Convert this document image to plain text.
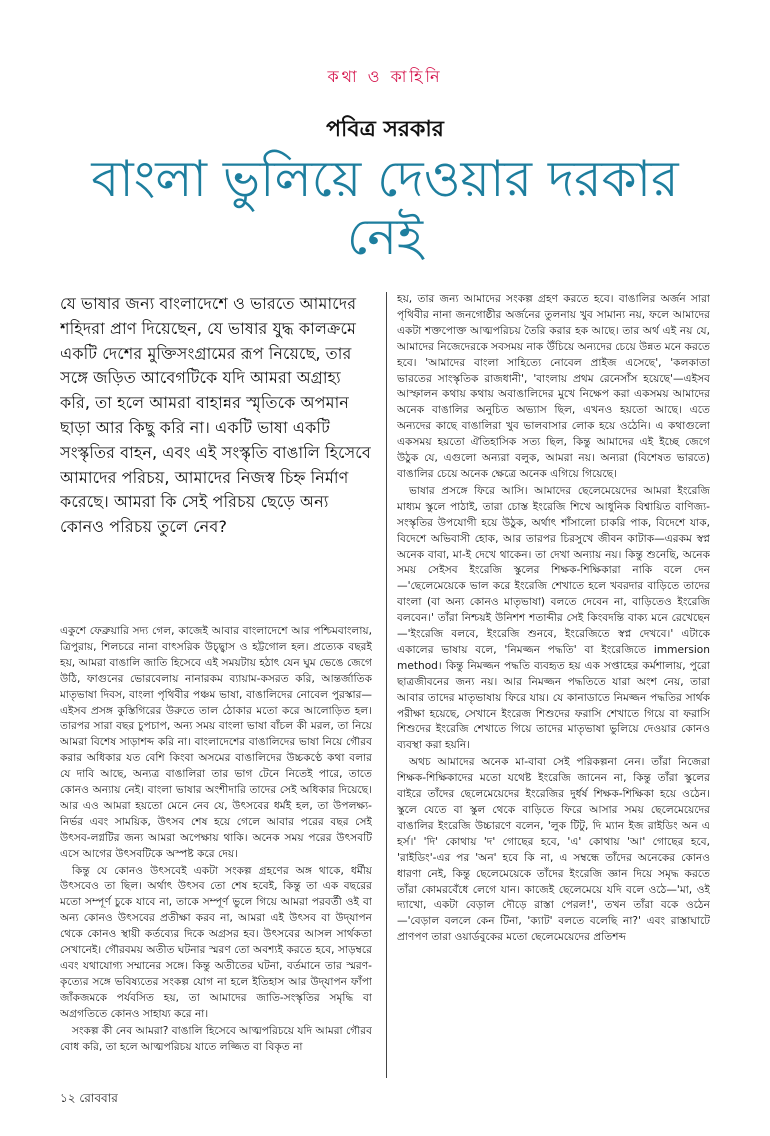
কথা ও কাহিনি
পবিত্র সরকার
বাংলা ভুলিয়ে দেওয়ার দরকার নেই

যে ভাষার জন্য বাংলাদেশে ও ভারতে আমাদের শহিদরা প্রাণ দিয়েছেন, যে ভাষার যুদ্ধ কালক্রমে একটি দেশের মুক্তিসংগ্রামের রূপ নিয়েছে, তার সঙ্গে জড়িত আবেগটিকে যদি আমরা অগ্রাহ্য করি, তা হলে আমরা বাহান্নর স্মৃতিকে অপমান ছাড়া আর কিছু করি না। একটি ভাষা একটি সংস্কৃতির বাহন, এবং এই সংস্কৃতি বাঙালি হিসেবে আমাদের পরিচয়, আমাদের নিজস্ব চিহ্ন নির্মাণ করেছে। আমরা কি সেই পরিচয় ছেড়ে অন্য কোনও পরিচয় তুলে নেব?

একুশে ফেব্রুয়ারি সদ্য গেল, কাজেই আবার বাংলাদেশে আর পশ্চিমবাংলায়, ত্রিপুরায়, শিলচরে নানা বাৎসরিক উচ্ছ্বাস ও হট্টগোল হল। প্রত্যেক বছরই হয়, আমরা বাঙালি জাতি হিসেবে এই সময়টায় হঠাৎ যেন ঘুম ভেঙে জেগে উঠি, ফাগুনের ভোরবেলায় নানারকম ব্যায়াম-কসরত করি, আন্তর্জাতিক মাতৃভাষা দিবস, বাংলা পৃথিবীর পঞ্চম ভাষা, বাঙালিদের নোবেল পুরস্কার—এইসব প্রসঙ্গ কুস্তিগিরের উরুতে তাল ঠোকার মতো করে আলোড়িত হল। তারপর সারা বছর চুপচাপ, অন্য সময় বাংলা ভাষা বাঁচল কী মরল, তা নিয়ে আমরা বিশেষ সাড়াশব্দ করি না। বাংলাদেশের বাঙালিদের ভাষা নিয়ে গৌরব করার অধিকার যত বেশি কিংবা অসমের বাঙালিদের উচ্চকণ্ঠে কথা বলার যে দাবি আছে, অন্যত্র বাঙালিরা তার ভাগ টেনে নিতেই পারে, তাতে কোনও অন্যায় নেই। বাংলা ভাষার অংশীদারি তাদের সেই অধিকার দিয়েছে। আর এও আমরা হয়তো মেনে নেব যে, উৎসবের ধর্মই হল, তা উপলক্ষ্য-নির্ভর এবং সাময়িক, উৎসব শেষ হয়ে গেলে আবার পরের বছর সেই উৎসব-লগ্নটির জন্য আমরা অপেক্ষায় থাকি। অনেক সময় পরের উৎসবটি এসে আগের উৎসবটিকে অস্পষ্ট করে দেয়।

কিন্তু যে কোনও উৎসবেই একটা সংকল্প গ্রহণের অঙ্গ থাকে, ধর্মীয় উৎসবেও তা ছিল। অর্থাৎ উৎসব তো শেষ হবেই, কিন্তু তা এক বছরের মতো সম্পূর্ণ চুকে যাবে না, তাকে সম্পূর্ণ ভুলে গিয়ে আমরা পরবর্তী ওই বা অন্য কোনও উৎসবের প্রতীক্ষা করব না, আমরা এই উৎসব বা উদ্‌যাপন থেকে কোনও স্থায়ী কর্তব্যের দিকে অগ্রসর হব। উৎসবের আসল সার্থকতা সেখানেই। গৌরবময় অতীত ঘটনার স্মরণ তো অবশ্যই করতে হবে, সাড়ম্বরে এবং যথাযোগ্য সম্মানের সঙ্গে। কিন্তু অতীতের ঘটনা, বর্তমানে তার স্মরণ-কৃত্যের সঙ্গে ভবিষ্যতের সংকল্প যোগ না হলে ইতিহাস আর উদ্‌যাপন ফাঁপা জাঁকজমকে পর্যবসিত হয়, তা আমাদের জাতি-সংস্কৃতির সমৃদ্ধি বা অগ্রগতিতে কোনও সাহায্য করে না।

সংকল্প কী নেব আমরা? বাঙালি হিসেবে আত্মপরিচয়ে যদি আমরা গৌরব বোধ করি, তা হলে আত্মপরিচয় যাতে লজ্জিত বা বিকৃত না

হয়, তার জন্য আমাদের সংকল্প গ্রহণ করতে হবে। বাঙালির অর্জন সারা পৃথিবীর নানা জনগোষ্ঠীর অর্জনের তুলনায় খুব সামান্য নয়, ফলে আমাদের একটা শক্তপোক্ত আত্মপরিচয় তৈরি করার হক আছে। তার অর্থ এই নয় যে, আমাদের নিজেদেরকে সবসময় নাক উঁচিয়ে অন্যদের চেয়ে উন্নত মনে করতে হবে। 'আমাদের বাংলা সাহিত্যে নোবেল প্রাইজ এসেছে', 'কলকাতা ভারতের সাংস্কৃতিক রাজধানী', 'বাংলায় প্রথম রেনেসাঁস হয়েছে'—এইসব আস্ফালন কথায় কথায় অবাঙালিদের মুখে নিক্ষেপ করা একসময় আমাদের অনেক বাঙালির অনুচিত অভ্যাস ছিল, এখনও হয়তো আছে। এতে অন্যদের কাছে বাঙালিরা খুব ভালবাসার লোক হয়ে ওঠেনি। এ কথাগুলো একসময় হয়তো ঐতিহাসিক সত্য ছিল, কিন্তু আমাদের এই ইচ্ছে জেগে উঠুক যে, এগুলো অন্যরা বলুক, আমরা নয়। অন্যরা (বিশেষত ভারতে) বাঙালির চেয়ে অনেক ক্ষেত্রে অনেক এগিয়ে গিয়েছে।

ভাষার প্রসঙ্গে ফিরে আসি। আমাদের ছেলেমেয়েদের আমরা ইংরেজি মাধ্যম স্কুলে পাঠাই, তারা চোস্ত ইংরেজি শিখে আধুনিক বিশ্বায়িত বাণিজ্য-সংস্কৃতির উপযোগী হয়ে উঠুক, অর্থাৎ শাঁসালো চাকরি পাক, বিদেশে যাক, বিদেশে অভিবাসী হোক, আর তারপর চিরসুখে জীবন কাটাক—এরকম স্বপ্ন অনেক বাবা, মা-ই দেখে থাকেন। তা দেখা অন্যায় নয়। কিন্তু শুনেছি, অনেক সময় সেইসব ইংরেজি স্কুলের শিক্ষক-শিক্ষিকারা নাকি বলে দেন—'ছেলেমেয়েকে ভাল করে ইংরেজি শেখাতে হলে খবরদার বাড়িতে তাদের বাংলা (বা অন্য কোনও মাতৃভাষা) বলতে দেবেন না, বাড়িতেও ইংরেজি বলবেন।' তাঁরা নিশ্চয়ই উনিশশ শতাব্দীর সেই কিংবদন্তি বাক্য মনে রেখেছেন—'ইংরেজি বলবে, ইংরেজি শুনবে, ইংরেজিতে স্বপ্ন দেখবে।' এটাকে একালের ভাষায় বলে, 'নিমজ্জন পদ্ধতি' বা ইংরেজিতে immersion method। কিন্তু নিমজ্জন পদ্ধতি ব্যবহৃত হয় এক সপ্তাহের কর্মশালায়, পুরো ছাত্রজীবনের জন্য নয়। আর নিমজ্জন পদ্ধতিতে যারা অংশ নেয়, তারা আবার তাদের মাতৃভাষায় ফিরে যায়। যে কানাডাতে নিমজ্জন পদ্ধতির সার্থক পরীক্ষা হয়েছে, সেখানে ইংরেজ শিশুদের ফরাসি শেখাতে গিয়ে বা ফরাসি শিশুদের ইংরেজি শেখাতে গিয়ে তাদের মাতৃভাষা ভুলিয়ে দেওয়ার কোনও ব্যবস্থা করা হয়নি।

অথচ আমাদের অনেক মা-বাবা সেই পরিকল্পনা নেন। তাঁরা নিজেরা শিক্ষক-শিক্ষিকাদের মতো যথেষ্ট ইংরেজি জানেন না, কিন্তু তাঁরা স্কুলের বাইরে তাঁদের ছেলেমেয়েদের ইংরেজির দুর্ধর্ষ শিক্ষক-শিক্ষিকা হয়ে ওঠেন। স্কুলে যেতে বা স্কুল থেকে বাড়িতে ফিরে আসার সময় ছেলেমেয়েদের বাঙালির ইংরেজি উচ্চারণে বলেন, 'লুক টিটু, দি ম্যান ইজ রাইডিং অন এ হর্স।' 'দি' কোথায় 'দ' গোছের হবে, 'এ' কোথায় 'আ' গোছের হবে, 'রাইডিং'-এর পর 'অন' হবে কি না, এ সম্বন্ধে তাঁদের অনেকের কোনও ধারণা নেই, কিন্তু ছেলেমেয়েকে তাঁদের ইংরেজি জ্ঞান দিয়ে সমৃদ্ধ করতে তাঁরা কোমরবেঁধে লেগে যান। কাজেই ছেলেমেয়ে যদি বলে ওঠে—'মা, ওই দ্যাখো, একটা বেড়াল দৌড়ে রাস্তা পেরল!', তখন তাঁরা বকে ওঠেন—'বেড়াল বললে কেন টিনা, 'ক্যাট' বলতে বলেছি না?' এবং রাস্তাঘাটে প্রাণপণ তারা ওয়ার্ডবুকের মতো ছেলেমেয়েদের প্রতিশব্দ

১২ রোববার
